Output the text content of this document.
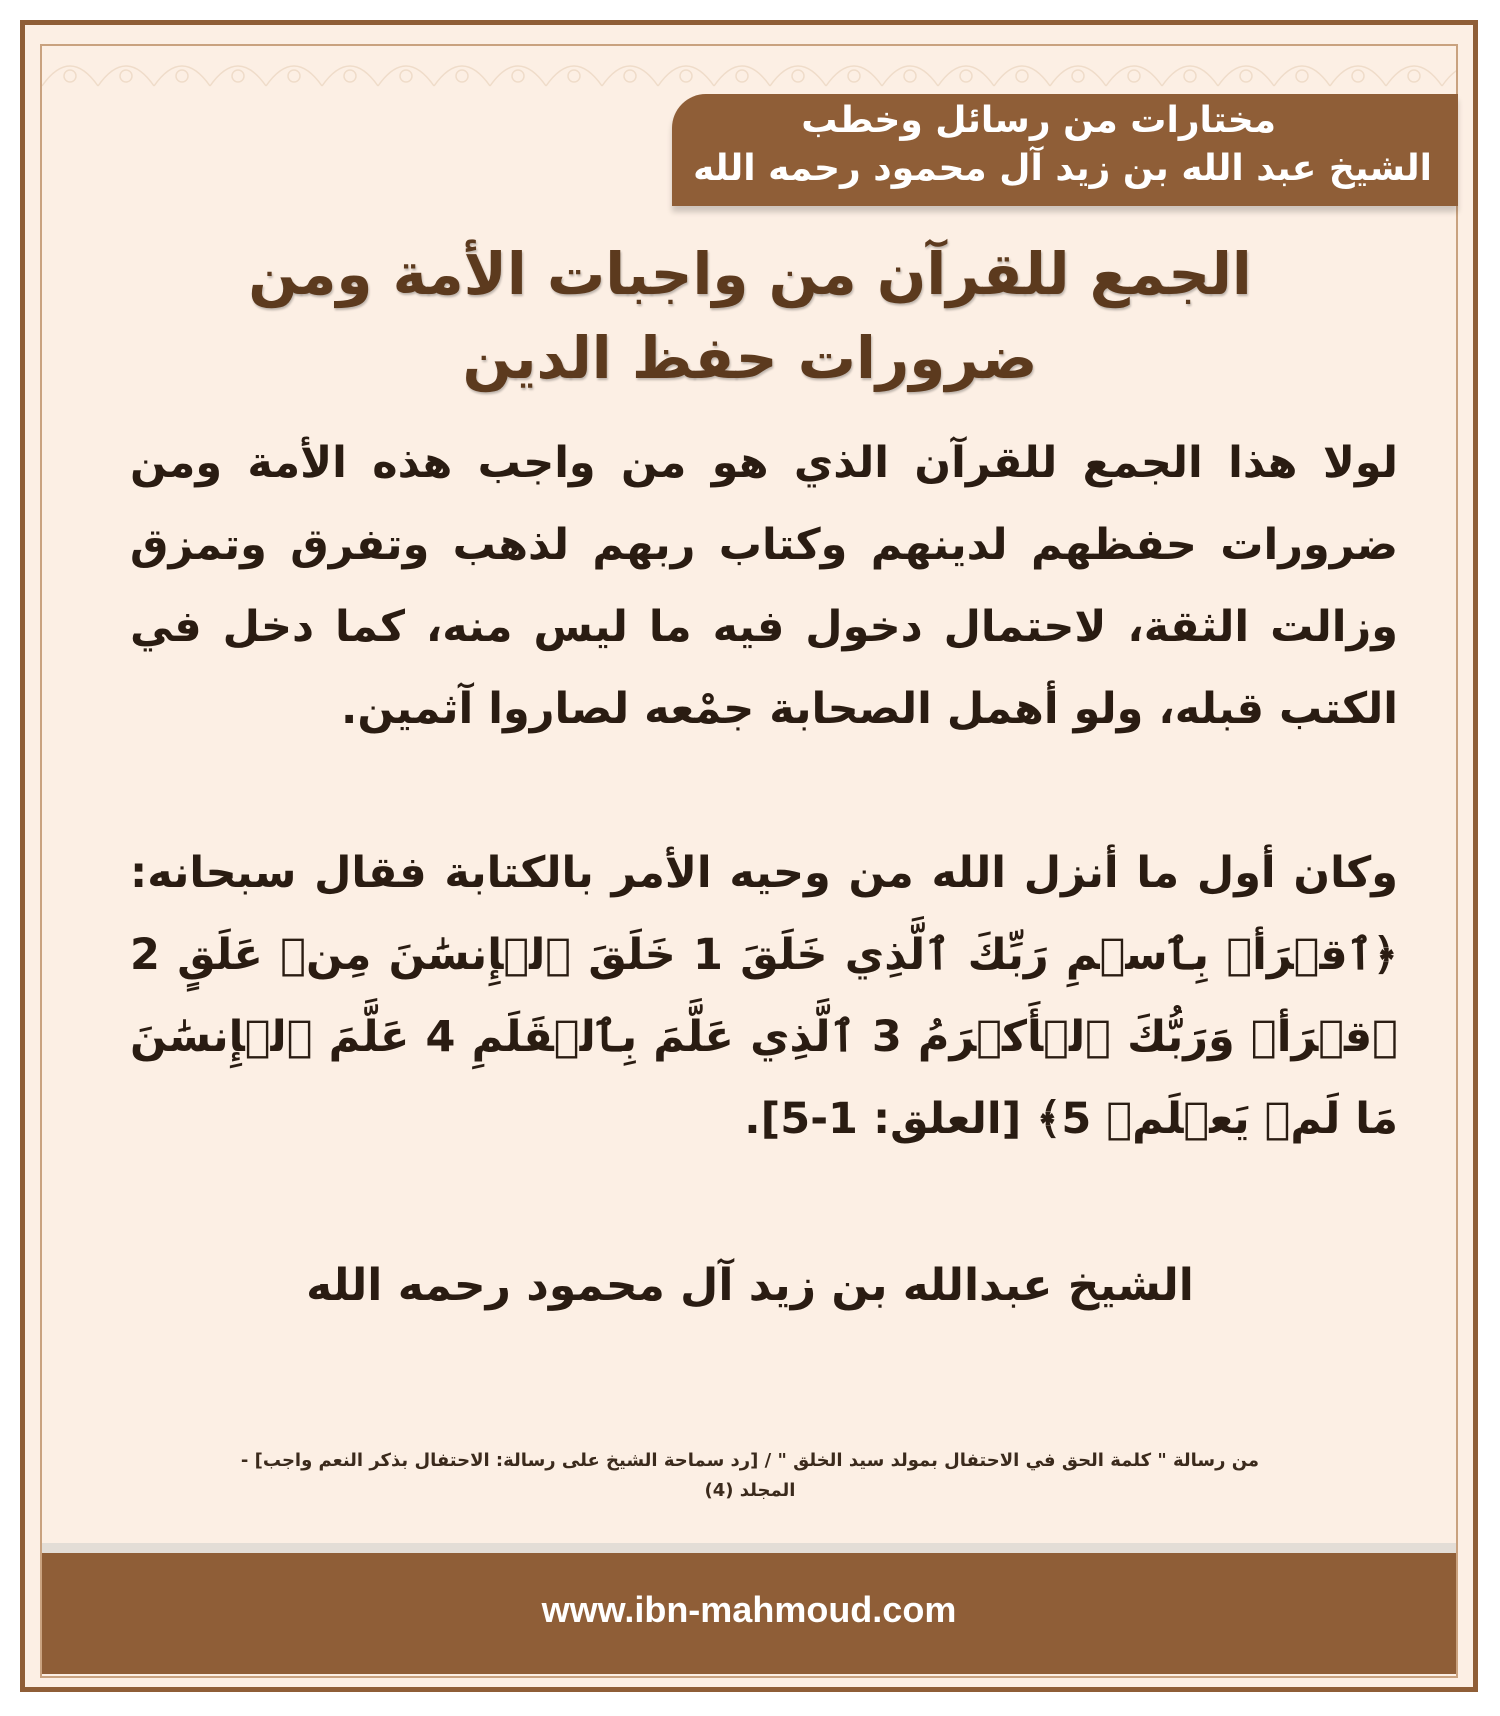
مختارات من رسائل وخطب
الشيخ عبد الله بن زيد آل محمود رحمه الله
الجمع للقرآن من واجبات الأمة ومن ضرورات حفظ الدين

لولا هذا الجمع للقرآن الذي هو من واجب هذه الأمة ومن ضرورات حفظهم لدينهم وكتاب ربهم لذهب وتفرق وتمزق وزالت الثقة، لاحتمال دخول فيه ما ليس منه، كما دخل في الكتب قبله، ولو أهمل الصحابة جمْعه لصاروا آثمين.

وكان أول ما أنزل الله من وحيه الأمر بالكتابة فقال سبحانه: ﴿ٱقۡرَأۡ بِٱسۡمِ رَبِّكَ ٱلَّذِي خَلَقَ 1 خَلَقَ ٱلۡإِنسَٰنَ مِنۡ عَلَقٍ 2 ٱقۡرَأۡ وَرَبُّكَ ٱلۡأَكۡرَمُ 3 ٱلَّذِي عَلَّمَ بِٱلۡقَلَمِ 4 عَلَّمَ ٱلۡإِنسَٰنَ مَا لَمۡ يَعۡلَمۡ 5﴾ [العلق: 1-5].

الشيخ عبدالله بن زيد آل محمود رحمه الله
من رسالة " كلمة الحق في الاحتفال بمولد سيد الخلق " / [رد سماحة الشيخ على رسالة: الاحتفال بذكر النعم واجب] -
المجلد (4)
www.ibn-mahmoud.com
